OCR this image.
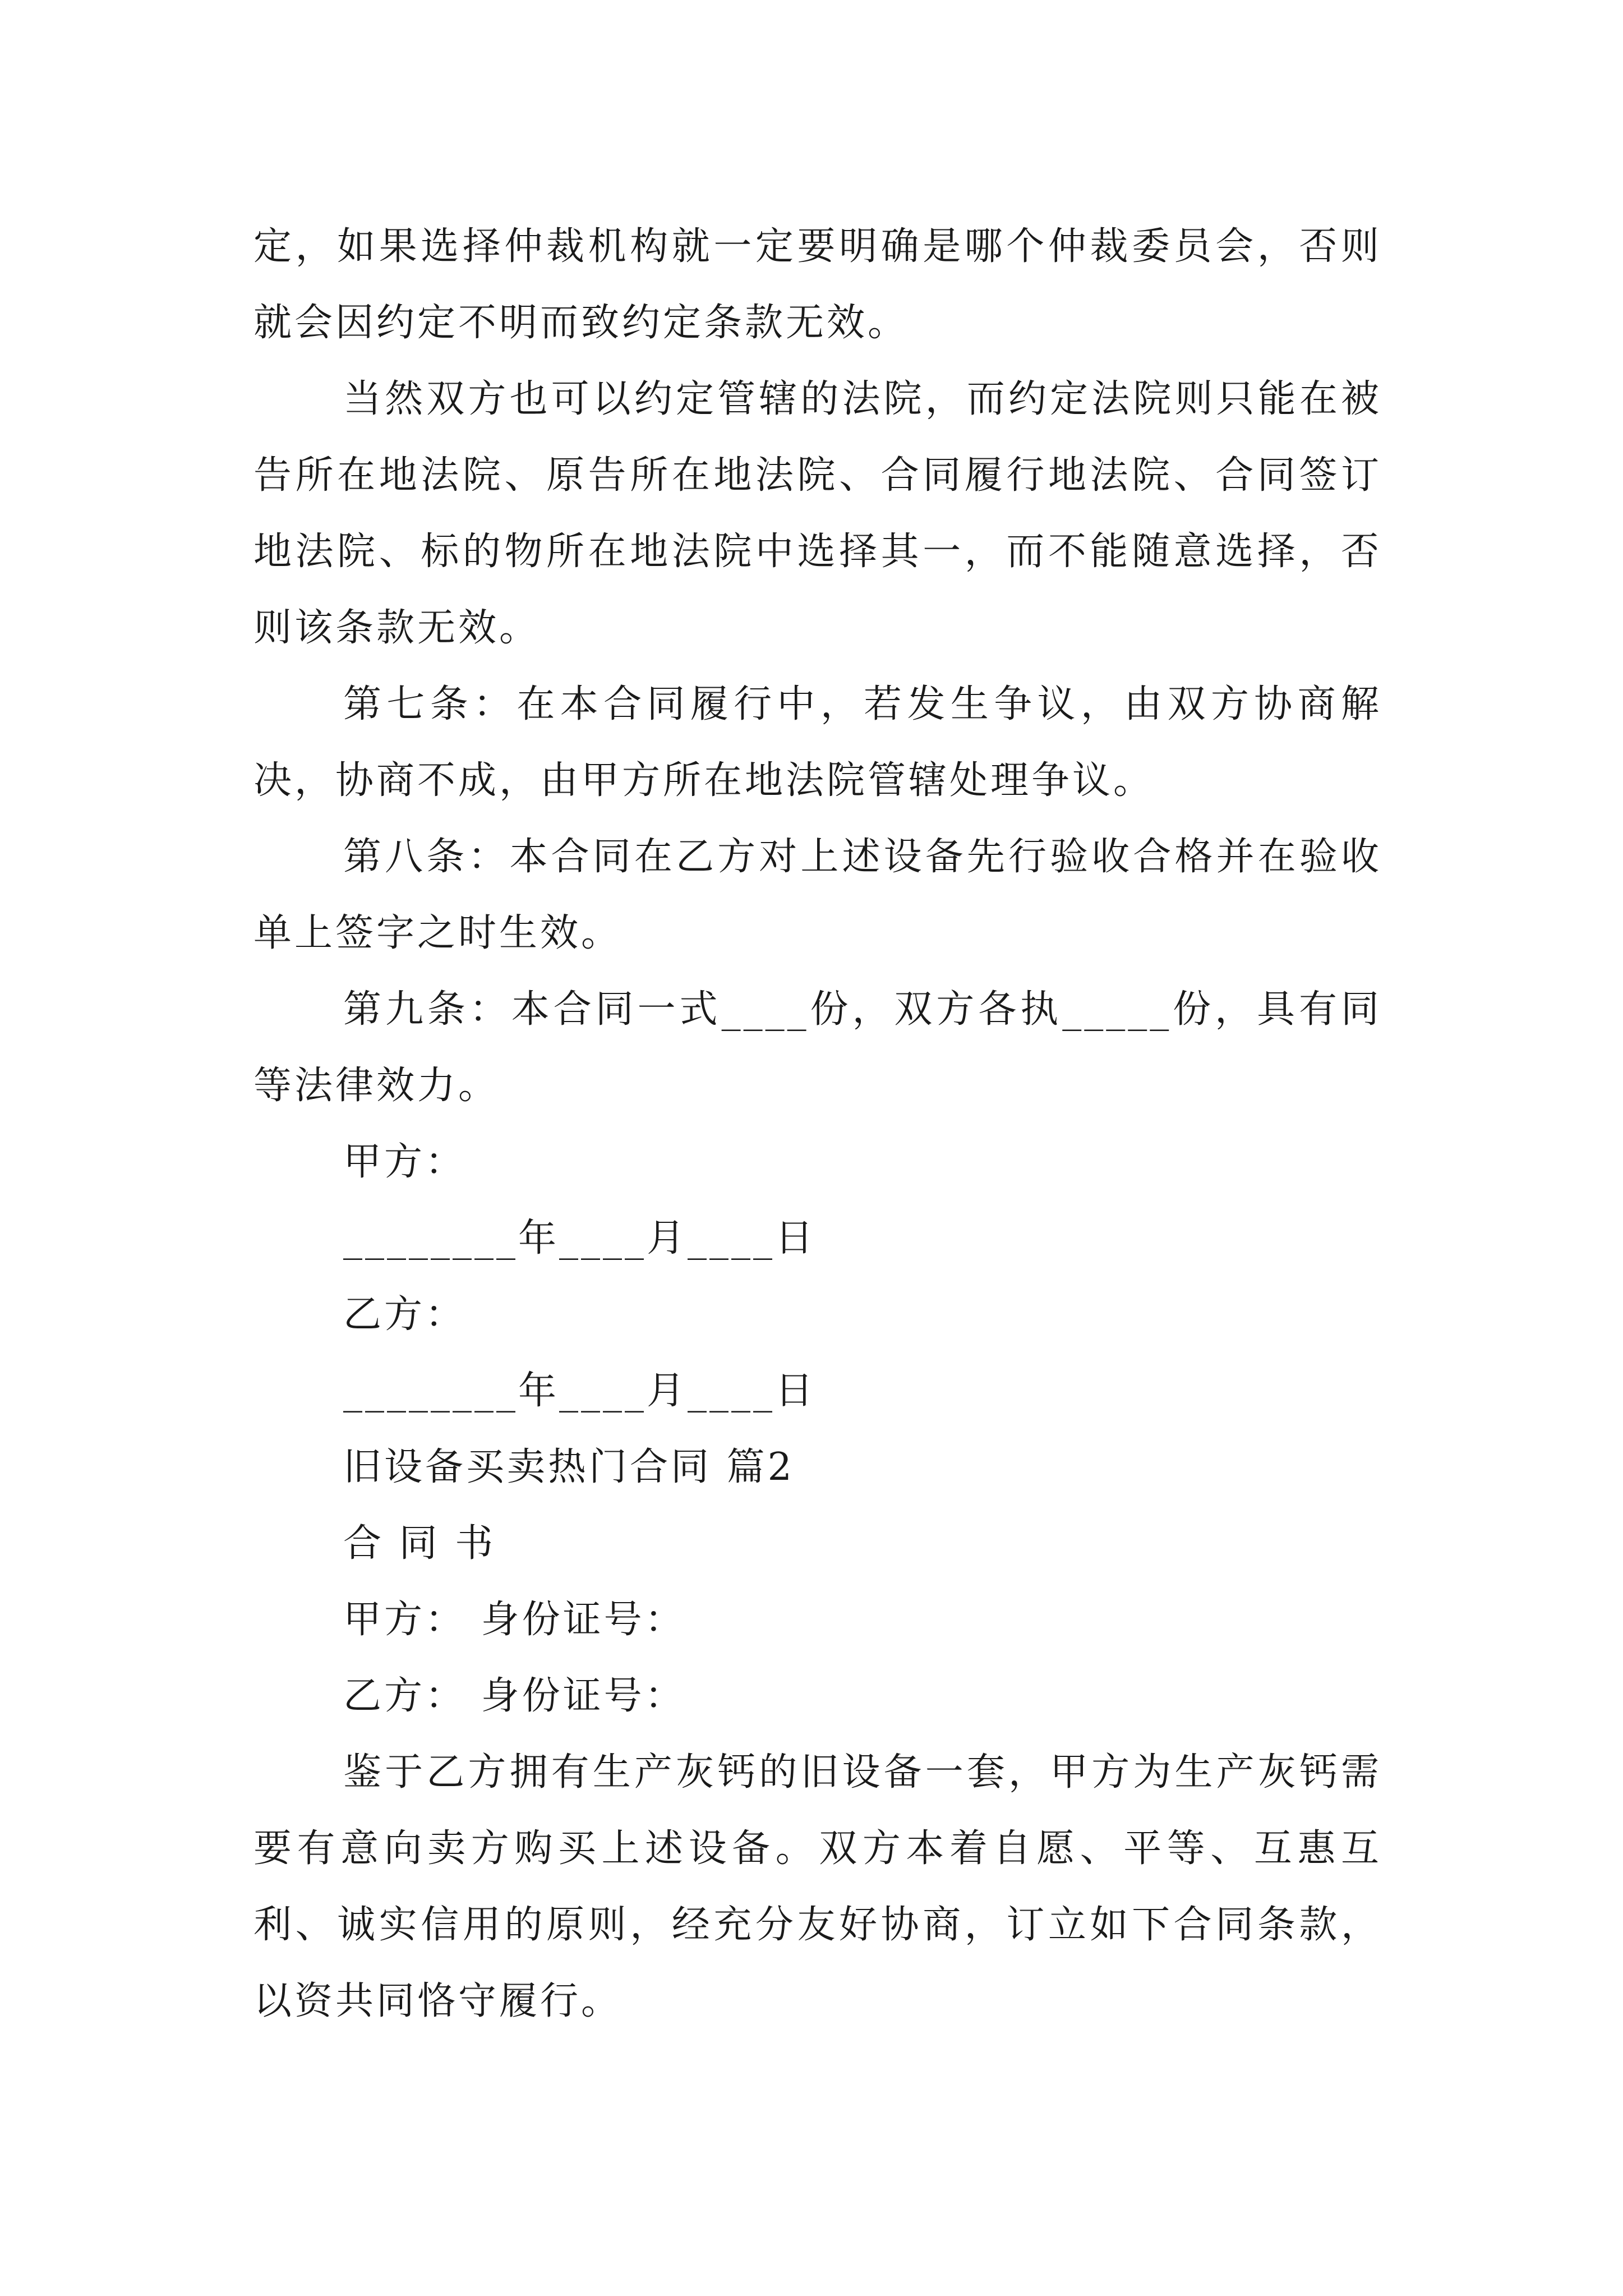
定，如果选择仲裁机构就一定要明确是哪个仲裁委员会，否则就会因约定不明而致约定条款无效。

当然双方也可以约定管辖的法院，而约定法院则只能在被告所在地法院、原告所在地法院、合同履行地法院、合同签订地法院、标的物所在地法院中选择其一，而不能随意选择，否则该条款无效。

第七条：在本合同履行中，若发生争议，由双方协商解决，协商不成，由甲方所在地法院管辖处理争议。

第八条：本合同在乙方对上述设备先行验收合格并在验收单上签字之时生效。

第九条：本合同一式____份，双方各执_____份，具有同等法律效力。

甲方：
________年____月____日
乙方：
________年____月____日
旧设备买卖热门合同 篇2
合 同 书
甲方： 身份证号：
乙方： 身份证号：

鉴于乙方拥有生产灰钙的旧设备一套，甲方为生产灰钙需要有意向卖方购买上述设备。双方本着自愿、平等、互惠互利、诚实信用的原则，经充分友好协商，订立如下合同条款，以资共同恪守履行。
